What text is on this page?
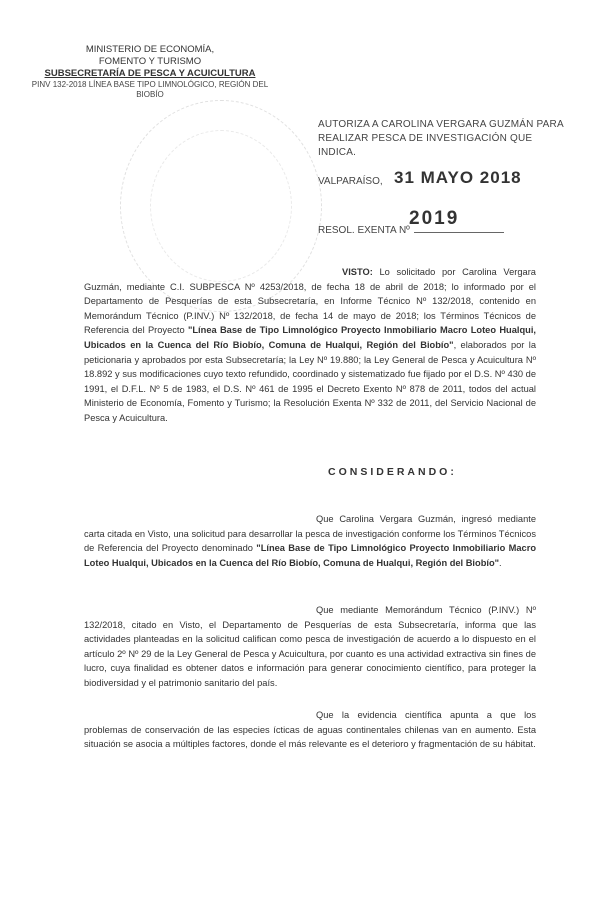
MINISTERIO DE ECONOMÍA,
FOMENTO Y TURISMO
SUBSECRETARÍA DE PESCA Y ACUICULTURA
PINV 132-2018 LÍNEA BASE TIPO LIMNOLÓGICO, REGIÓN DEL
BIOBÍO
AUTORIZA A CAROLINA VERGARA GUZMÁN PARA REALIZAR PESCA DE INVESTIGACIÓN QUE INDICA.
VALPARAÍSO, 31 MAYO 2018
RESOL. EXENTA Nº
2019
VISTO: Lo solicitado por Carolina Vergara Guzmán, mediante C.I. SUBPESCA Nº 4253/2018, de fecha 18 de abril de 2018; lo informado por el Departamento de Pesquerías de esta Subsecretaría, en Informe Técnico Nº 132/2018, contenido en Memorándum Técnico (P.INV.) Nº 132/2018, de fecha 14 de mayo de 2018; los Términos Técnicos de Referencia del Proyecto "Línea Base de Tipo Limnológico Proyecto Inmobiliario Macro Loteo Hualqui, Ubicados en la Cuenca del Río Biobío, Comuna de Hualqui, Región del Biobío", elaborados por la peticionaria y aprobados por esta Subsecretaría; la Ley Nº 19.880; la Ley General de Pesca y Acuicultura Nº 18.892 y sus modificaciones cuyo texto refundido, coordinado y sistematizado fue fijado por el D.S. Nº 430 de 1991, el D.F.L. Nº 5 de 1983, el D.S. Nº 461 de 1995 el Decreto Exento Nº 878 de 2011, todos del actual Ministerio de Economía, Fomento y Turismo; la Resolución Exenta Nº 332 de 2011, del Servicio Nacional de Pesca y Acuicultura.
CONSIDERANDO:
Que Carolina Vergara Guzmán, ingresó mediante carta citada en Visto, una solicitud para desarrollar la pesca de investigación conforme los Términos Técnicos de Referencia del Proyecto denominado "Línea Base de Tipo Limnológico Proyecto Inmobiliario Macro Loteo Hualqui, Ubicados en la Cuenca del Río Biobío, Comuna de Hualqui, Región del Biobío".
Que mediante Memorándum Técnico (P.INV.) Nº 132/2018, citado en Visto, el Departamento de Pesquerías de esta Subsecretaría, informa que las actividades planteadas en la solicitud califican como pesca de investigación de acuerdo a lo dispuesto en el artículo 2º Nº 29 de la Ley General de Pesca y Acuicultura, por cuanto es una actividad extractiva sin fines de lucro, cuya finalidad es obtener datos e información para generar conocimiento científico, para proteger la biodiversidad y el patrimonio sanitario del país.
Que la evidencia científica apunta a que los problemas de conservación de las especies ícticas de aguas continentales chilenas van en aumento. Esta situación se asocia a múltiples factores, donde el más relevante es el deterioro y fragmentación de su hábitat.
